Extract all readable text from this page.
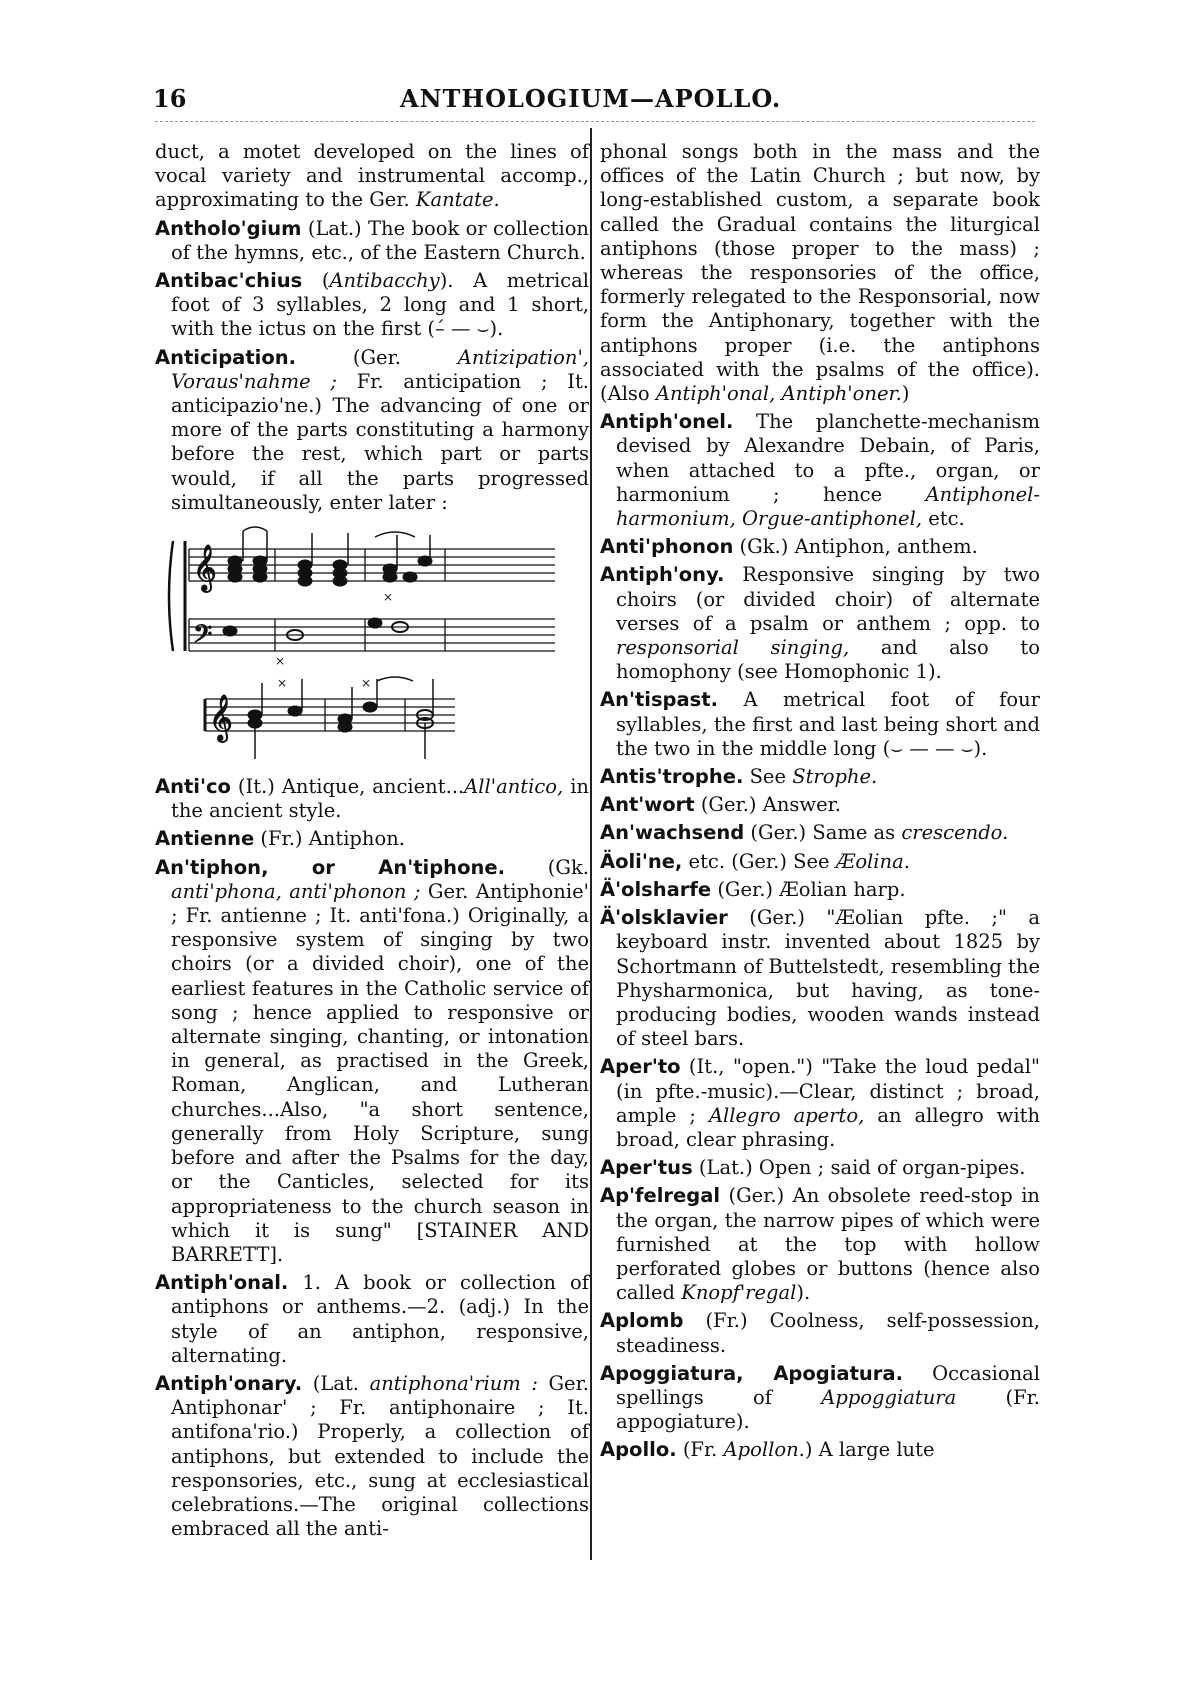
16	ANTHOLOGIUM—APOLLO.

duct, a motet developed on the lines of vocal variety and instrumental accomp., approximating to the Ger. Kantate.

Antholo'gium (Lat.) The book or collection of the hymns, etc., of the Eastern Church.

Antibac'chius (Antibacchy). A metrical foot of 3 syllables, 2 long and 1 short, with the ictus on the first (–́ — ⌣).

Anticipation. (Ger. Antizipation', Voraus'nahme ; Fr. anticipation ; It. anticipazio'ne.) The advancing of one or more of the parts constituting a harmony before the rest, which part or parts would, if all the parts progressed simultaneously, enter later :

𝄞
𝄢
×
×
𝄞
×	×

Anti'co (It.) Antique, ancient...All'antico, in the ancient style.

Antienne (Fr.) Antiphon.

An'tiphon, or An'tiphone. (Gk. anti'phona, anti'phonon ; Ger. Antiphonie' ; Fr. antienne ; It. anti'fona.) Originally, a responsive system of singing by two choirs (or a divided choir), one of the earliest features in the Catholic service of song ; hence applied to responsive or alternate singing, chanting, or intonation in general, as practised in the Greek, Roman, Anglican, and Lutheran churches...Also, "a short sentence, generally from Holy Scripture, sung before and after the Psalms for the day, or the Canticles, selected for its appropriateness to the church season in which it is sung" [STAINER AND BARRETT].

Antiph'onal. 1. A book or collection of antiphons or anthems.—2. (adj.) In the style of an antiphon, responsive, alternating.

Antiph'onary. (Lat. antiphona'rium : Ger. Antiphonar' ; Fr. antiphonaire ; It. antifona'rio.) Properly, a collection of antiphons, but extended to include the responsories, etc., sung at ecclesiastical celebrations.—The original collections embraced all the anti-

phonal songs both in the mass and the offices of the Latin Church ; but now, by long-established custom, a separate book called the Gradual contains the liturgical antiphons (those proper to the mass) ; whereas the responsories of the office, formerly relegated to the Responsorial, now form the Antiphonary, together with the antiphons proper (i.e. the antiphons associated with the psalms of the office). (Also Antiph'onal, Antiph'oner.)

Antiph'onel. The planchette-mechanism devised by Alexandre Debain, of Paris, when attached to a pfte., organ, or harmonium ; hence Antiphonel-harmonium, Orgue-antiphonel, etc.

Anti'phonon (Gk.) Antiphon, anthem.

Antiph'ony. Responsive singing by two choirs (or divided choir) of alternate verses of a psalm or anthem ; opp. to responsorial singing, and also to homophony (see Homophonic 1).

An'tispast. A metrical foot of four syllables, the first and last being short and the two in the middle long (⌣ — — ⌣).

Antis'trophe. See Strophe.

Ant'wort (Ger.) Answer.

An'wachsend (Ger.) Same as crescendo.

Äoli'ne, etc. (Ger.) See Æolina.

Ä'olsharfe (Ger.) Æolian harp.

Ä'olsklavier (Ger.) "Æolian pfte. ;" a keyboard instr. invented about 1825 by Schortmann of Buttelstedt, resembling the Physharmonica, but having, as tone-producing bodies, wooden wands instead of steel bars.

Aper'to (It., "open.") "Take the loud pedal" (in pfte.-music).—Clear, distinct ; broad, ample ; Allegro aperto, an allegro with broad, clear phrasing.

Aper'tus (Lat.) Open ; said of organ-pipes.

Ap'felregal (Ger.) An obsolete reed-stop in the organ, the narrow pipes of which were furnished at the top with hollow perforated globes or buttons (hence also called Knopf'regal).

Aplomb (Fr.) Coolness, self-possession, steadiness.

Apoggiatura, Apogiatura. Occasional spellings of Appoggiatura (Fr. appogiature).

Apollo. (Fr. Apollon.) A large lute
